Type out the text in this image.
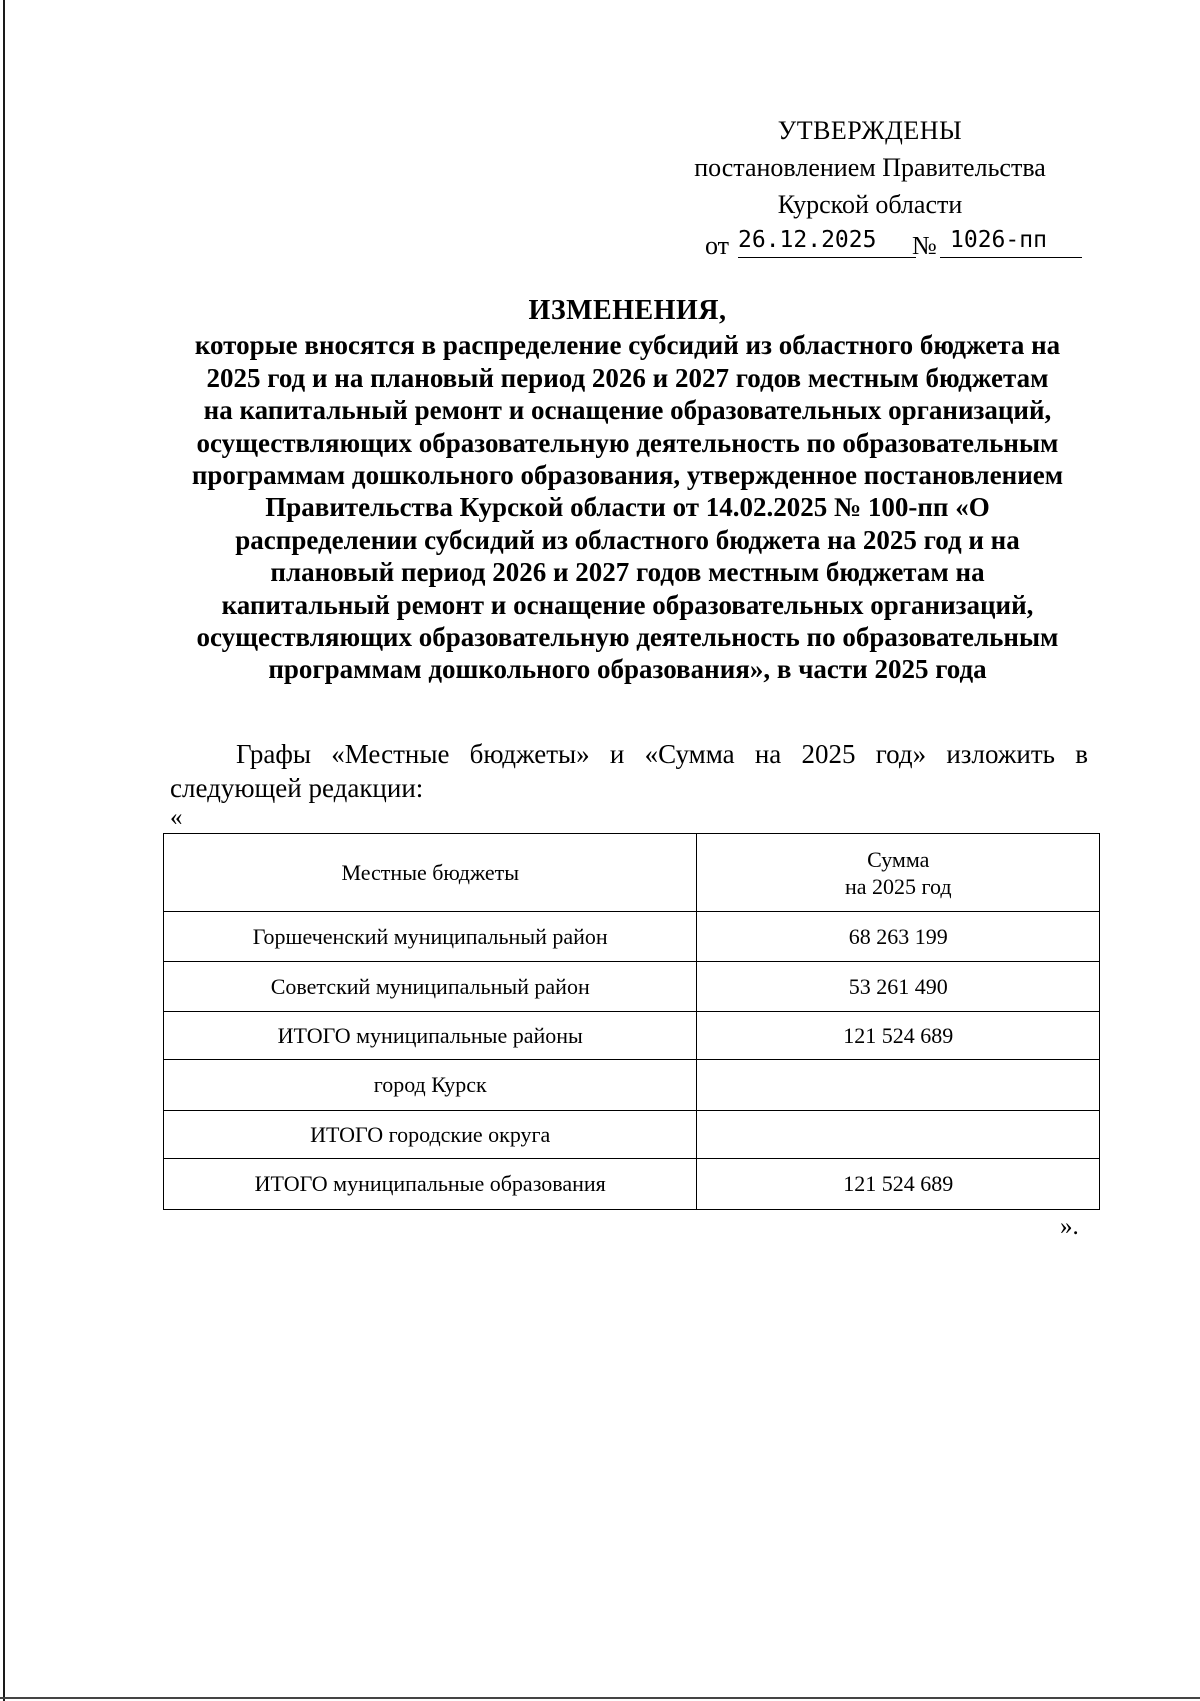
УТВЕРЖДЕНЫ
постановлением Правительства
Курской области
от 26.12.2025	№ 1026-пп
ИЗМЕНЕНИЯ,
которые вносятся в распределение субсидий из областного бюджета на
2025 год и на плановый период 2026 и 2027 годов местным бюджетам
на капитальный ремонт и оснащение образовательных организаций,
осуществляющих образовательную деятельность по образовательным
программам дошкольного образования, утвержденное постановлением
Правительства Курской области от 14.02.2025 № 100-пп «О
распределении субсидий из областного бюджета на 2025 год и на
плановый период 2026 и 2027 годов местным бюджетам на
капитальный ремонт и оснащение образовательных организаций,
осуществляющих образовательную деятельность по образовательным
программам дошкольного образования», в части 2025 года
Графы «Местные бюджеты» и «Сумма на 2025 год» изложить в
следующей редакции:
«
Местные бюджеты	Сумма
на 2025 год

Горшеченский муниципальный район	68 263 199
Советский муниципальный район	53 261 490
ИТОГО муниципальные районы	121 524 689
город Курск	
ИТОГО городские округа	
ИТОГО муниципальные образования	121 524 689
».
